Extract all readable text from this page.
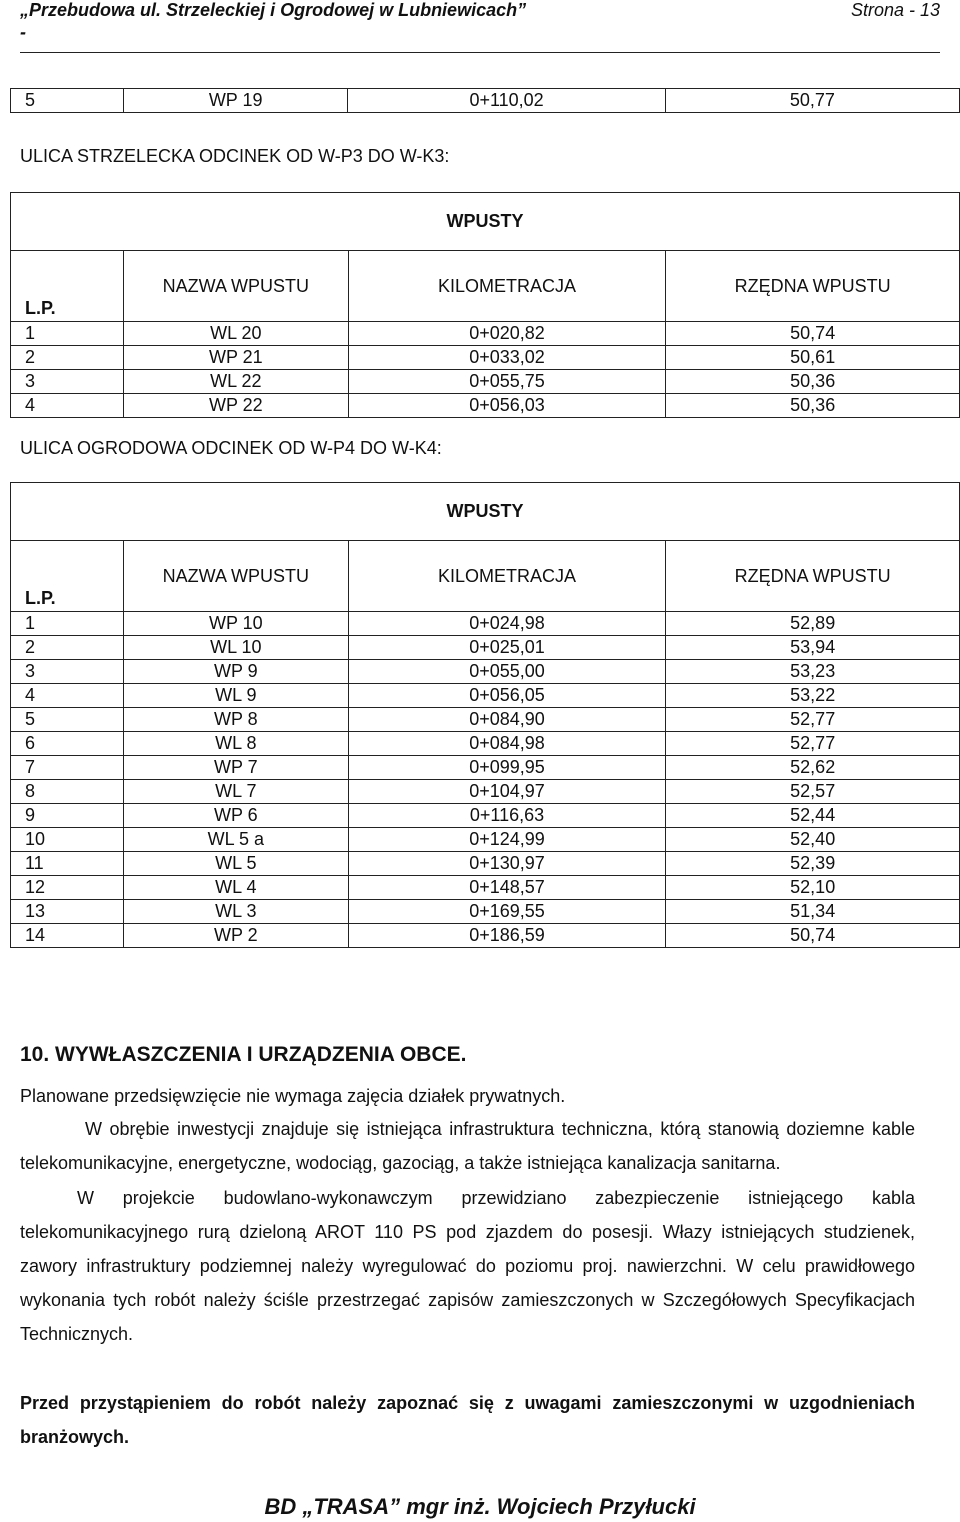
„Przebudowa ul. Strzeleckiej i Ogrodowej w Lubniewicach”	Strona - 13
-
5	WP 19	0+110,02	50,77
ULICA STRZELECKA ODCINEK OD W-P3 DO W-K3:
WPUSTY			
L.P.	NAZWA WPUSTU	KILOMETRACJA	RZĘDNA WPUSTU
1	WL 20	0+020,82	50,74
2	WP 21	0+033,02	50,61
3	WL 22	0+055,75	50,36
4	WP 22	0+056,03	50,36
ULICA OGRODOWA ODCINEK OD W-P4 DO W-K4:
WPUSTY			
L.P.	NAZWA WPUSTU	KILOMETRACJA	RZĘDNA WPUSTU
1	WP 10	0+024,98	52,89
2	WL 10	0+025,01	53,94
3	WP 9	0+055,00	53,23
4	WL 9	0+056,05	53,22
5	WP 8	0+084,90	52,77
6	WL 8	0+084,98	52,77
7	WP 7	0+099,95	52,62
8	WL 7	0+104,97	52,57
9	WP 6	0+116,63	52,44
10	WL 5 a	0+124,99	52,40
11	WL 5	0+130,97	52,39
12	WL 4	0+148,57	52,10
13	WL 3	0+169,55	51,34
14	WP 2	0+186,59	50,74
10. WYWŁASZCZENIA I URZĄDZENIA OBCE.
Planowane przedsięwzięcie nie wymaga zajęcia działek prywatnych.
W obrębie inwestycji znajduje się istniejąca infrastruktura techniczna, którą stanowią doziemne kable telekomunikacyjne, energetyczne, wodociąg, gazociąg, a także istniejąca kanalizacja sanitarna.
W projekcie budowlano-wykonawczym przewidziano zabezpieczenie istniejącego kabla telekomunikacyjnego rurą dzieloną AROT 110 PS pod zjazdem do posesji. Włazy istniejących studzienek, zawory infrastruktury podziemnej należy wyregulować do poziomu proj. nawierzchni. W celu prawidłowego wykonania tych robót należy ściśle przestrzegać zapisów zamieszczonych w Szczegółowych Specyfikacjach Technicznych.
Przed przystąpieniem do robót należy zapoznać się z uwagami zamieszczonymi w uzgodnieniach branżowych.
BD „TRASA” mgr inż. Wojciech Przyłucki
